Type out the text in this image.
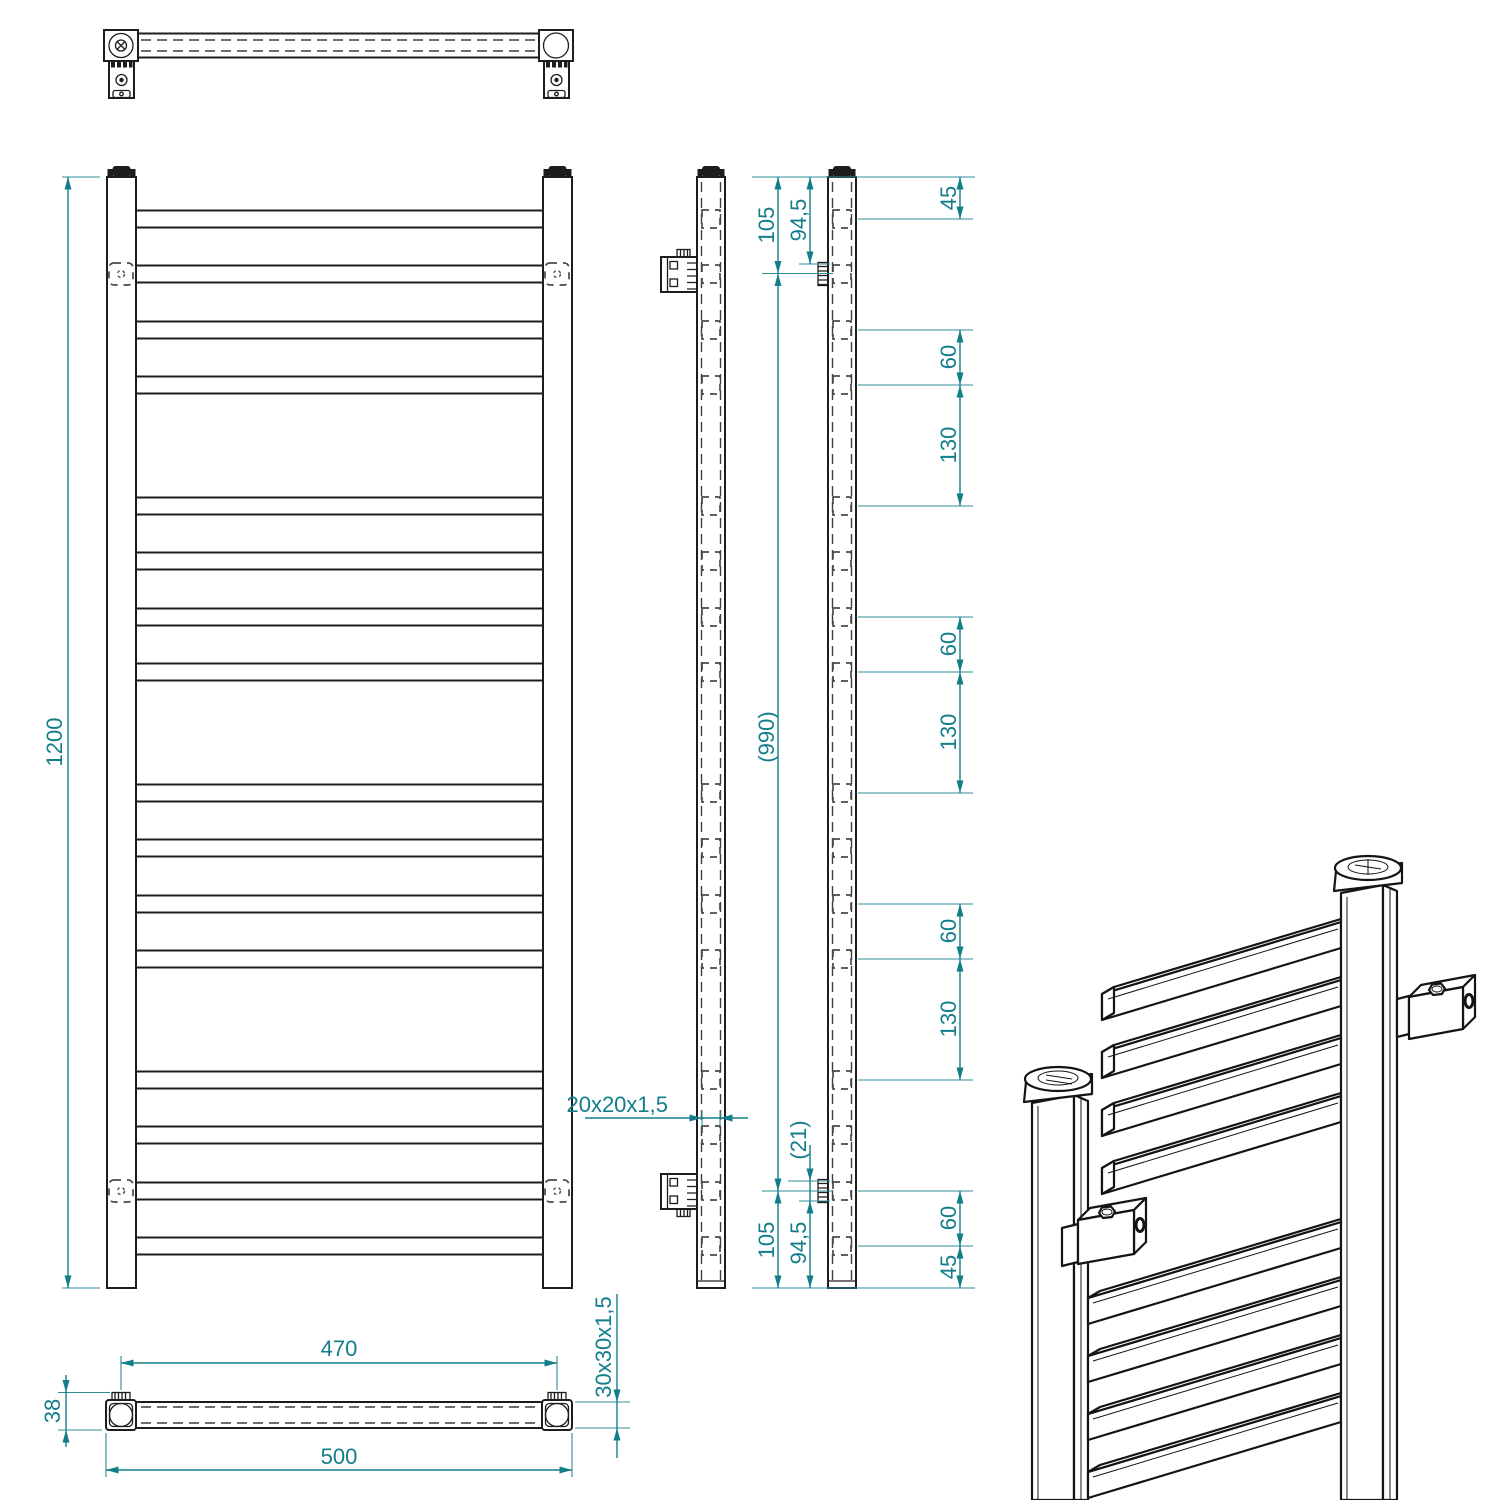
1200
105 94,5
(990)
105 94,5
(21)
45
60
130
60
130
60
130
60
45
20x20x1,5
470
500
38
30x30x1,5
